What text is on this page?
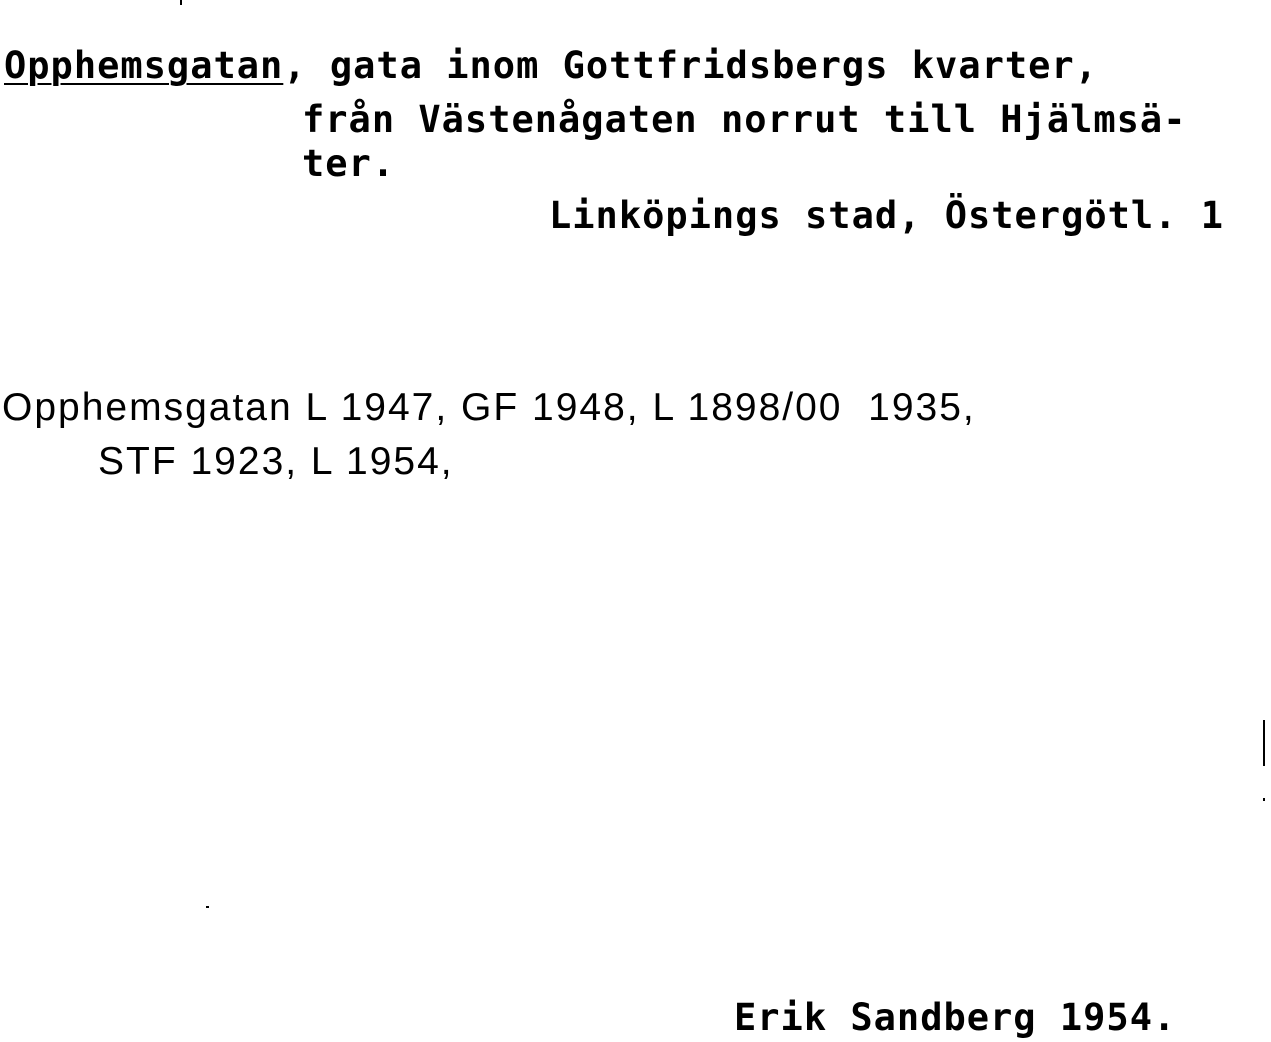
Opphemsgatan, gata inom Gottfridsbergs kvarter,
från Västenågaten norrut till Hjälmsä-
ter.
Linköpings stad, Östergötl. 1
Opphemsgatan L 1947, GF 1948, L 1898/00  1935,
STF 1923, L 1954,
Erik Sandberg 1954.
